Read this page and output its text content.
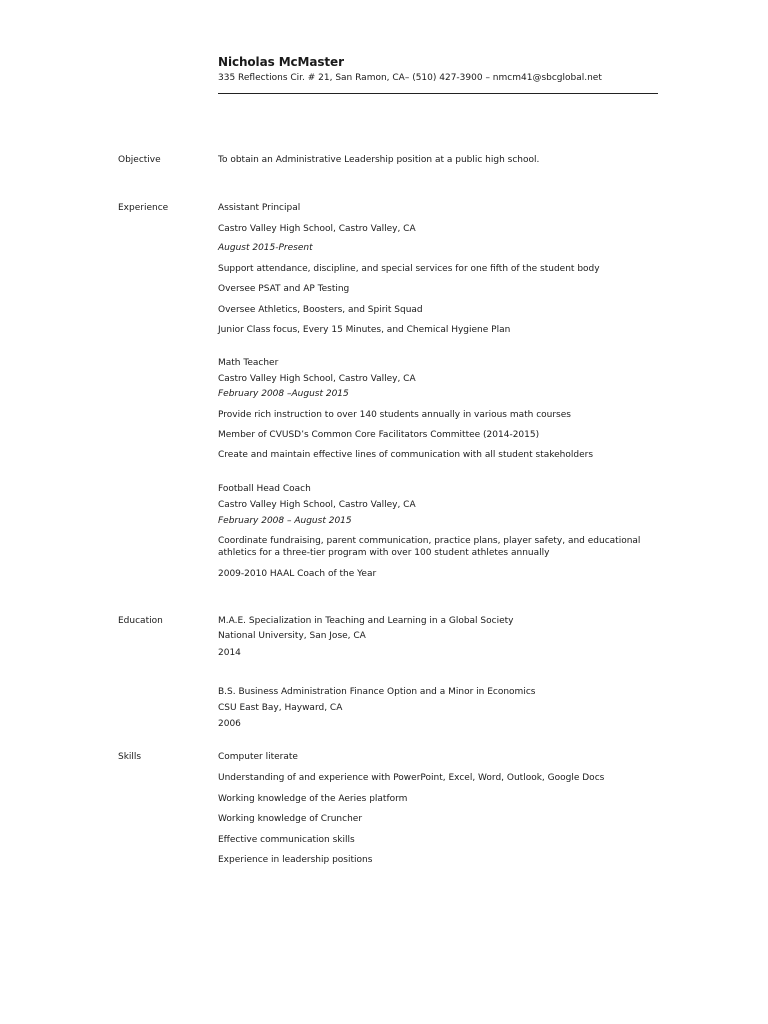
Nicholas McMaster
335 Reflections Cir. # 21, San Ramon, CA– (510) 427-3900 – nmcm41@sbcglobal.net
Objective	To obtain an Administrative Leadership position at a public high school.
Experience	Assistant Principal
Castro Valley High School, Castro Valley, CA
August 2015-Present
Support attendance, discipline, and special services for one fifth of the student body
Oversee PSAT and AP Testing
Oversee Athletics, Boosters, and Spirit Squad
Junior Class focus, Every 15 Minutes, and Chemical Hygiene Plan
Math Teacher
Castro Valley High School, Castro Valley, CA
February 2008 –August 2015
Provide rich instruction to over 140 students annually in various math courses
Member of CVUSD’s Common Core Facilitators Committee (2014-2015)
Create and maintain effective lines of communication with all student stakeholders
Football Head Coach
Castro Valley High School, Castro Valley, CA
February 2008 – August 2015
Coordinate fundraising, parent communication, practice plans, player safety, and educational athletics for a three-tier program with over 100 student athletes annually
2009-2010 HAAL Coach of the Year
Education	M.A.E. Specialization in Teaching and Learning in a Global Society
National University, San Jose, CA
2014
B.S. Business Administration Finance Option and a Minor in Economics
CSU East Bay, Hayward, CA
2006
Skills	Computer literate
Understanding of and experience with PowerPoint, Excel, Word, Outlook, Google Docs
Working knowledge of the Aeries platform
Working knowledge of Cruncher
Effective communication skills
Experience in leadership positions
